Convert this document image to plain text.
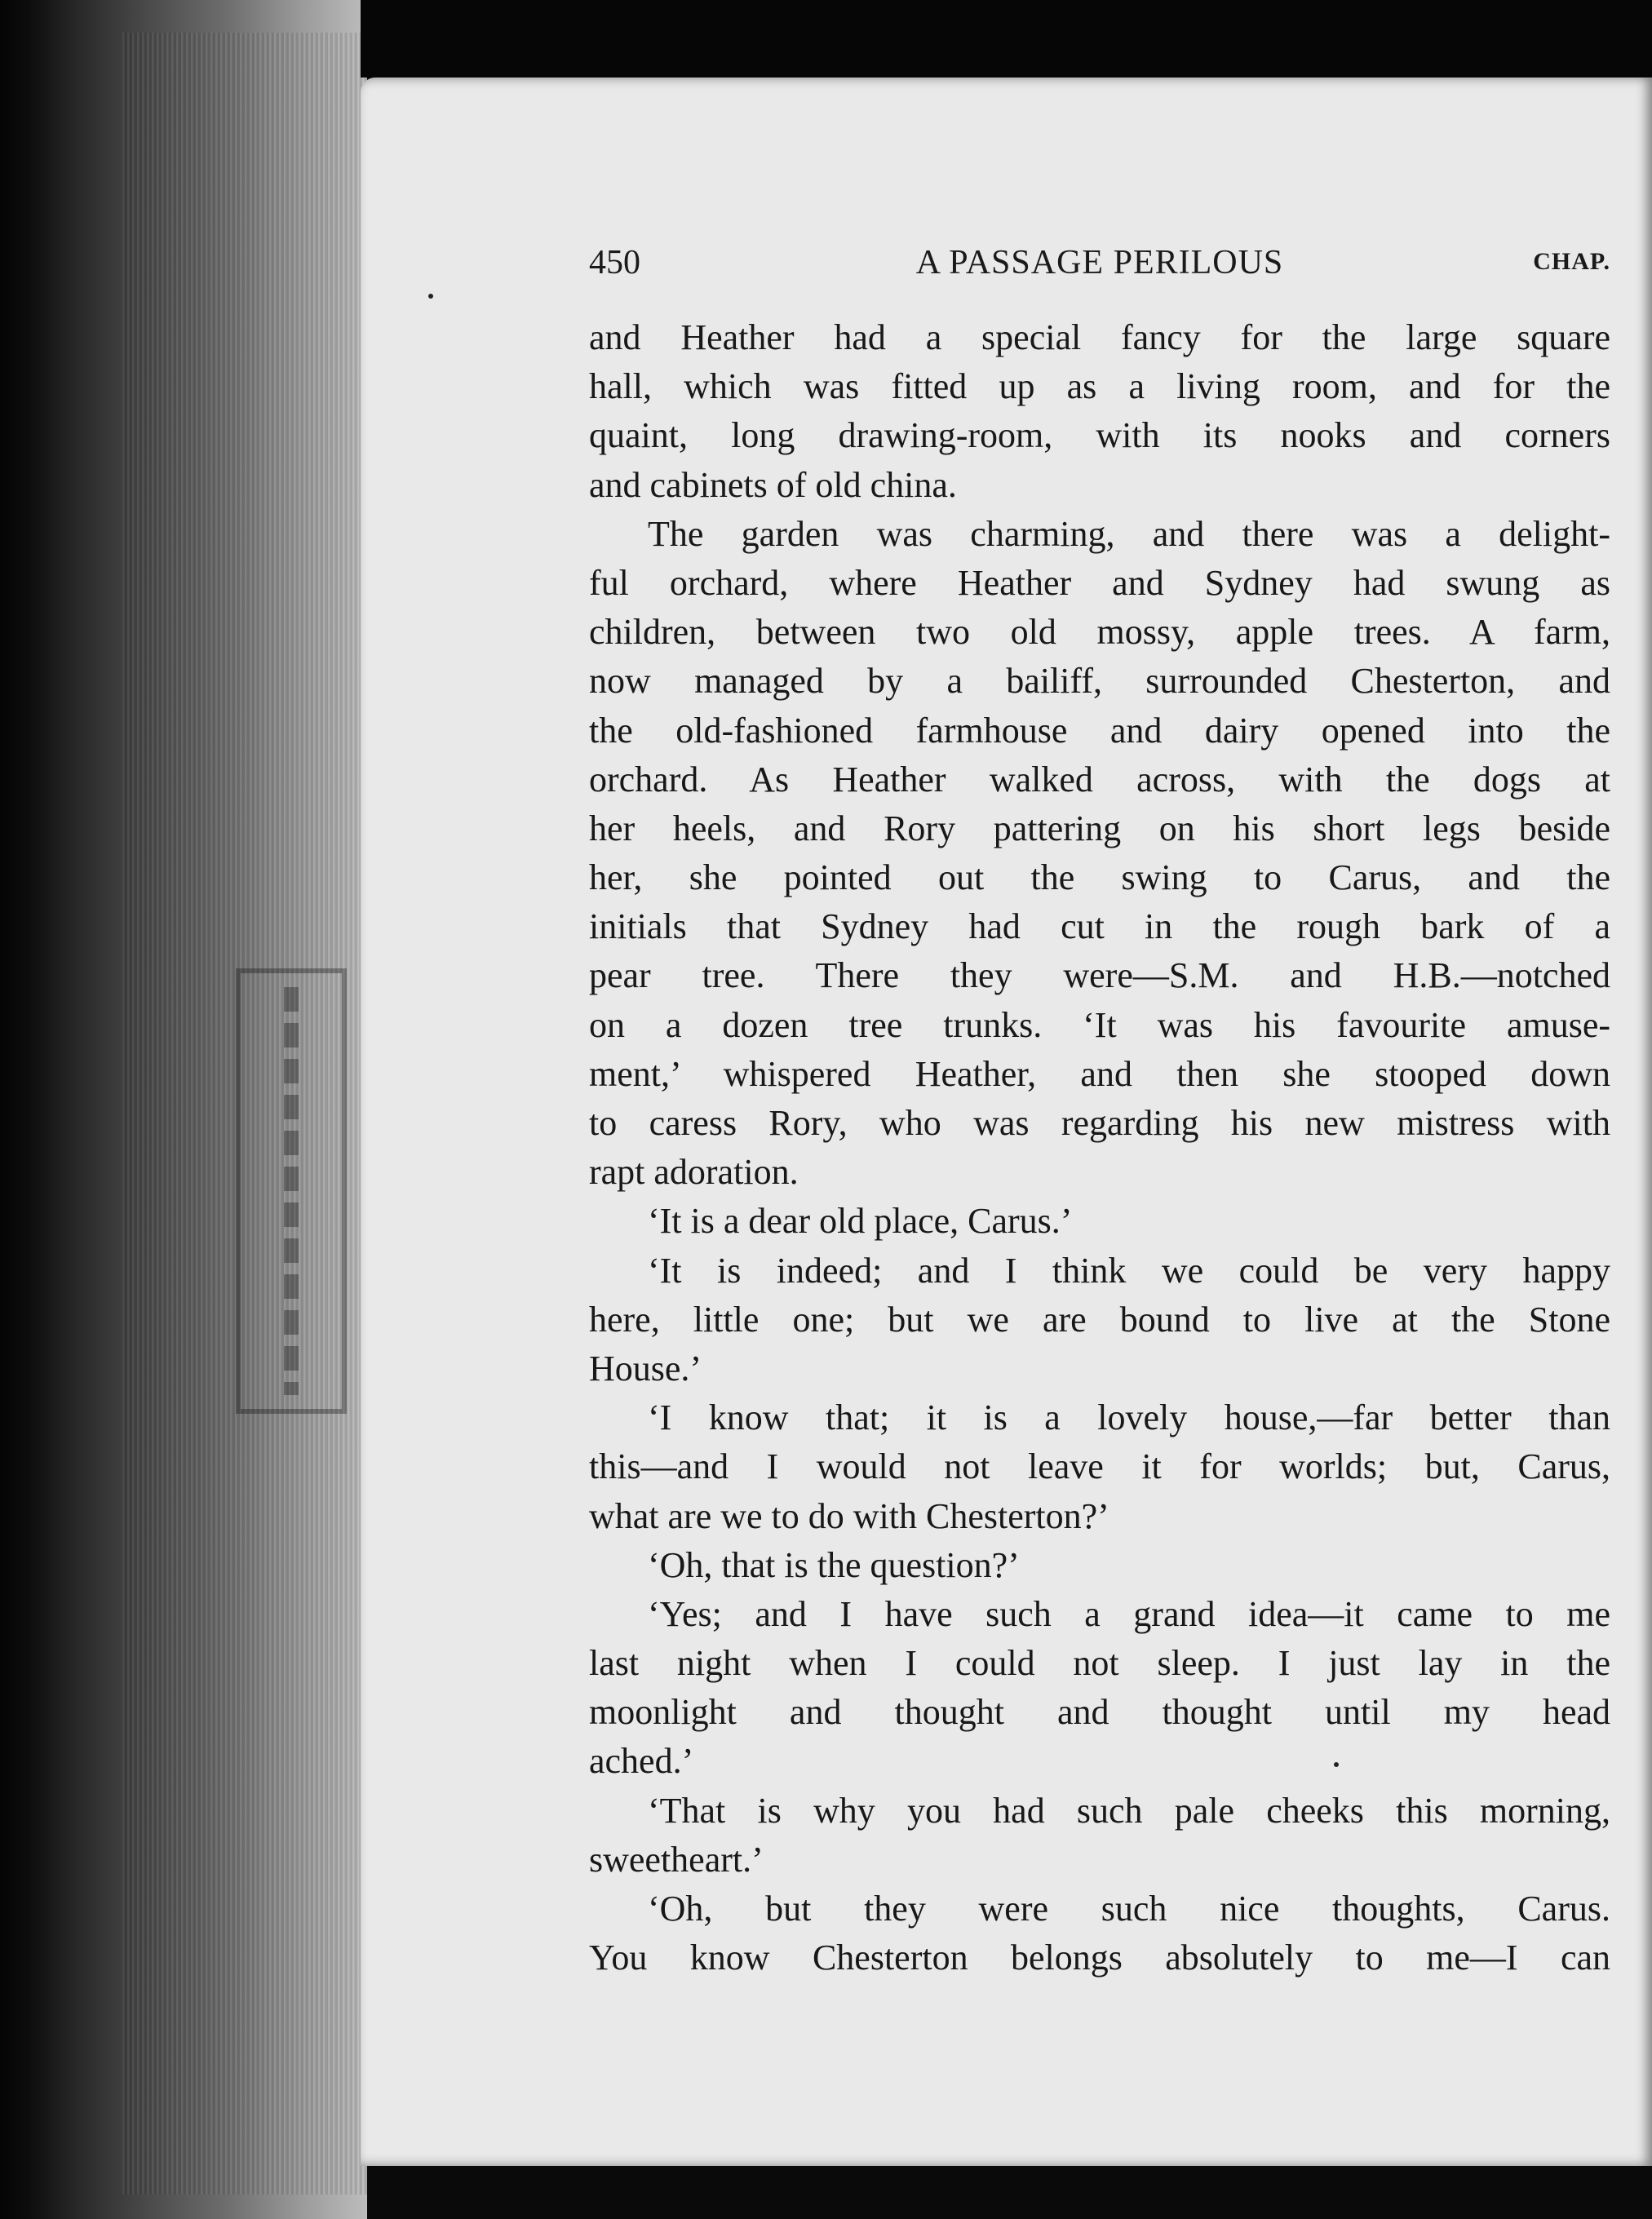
450	A PASSAGE PERILOUS	CHAP.
and Heather had a special fancy for the large square
hall, which was fitted up as a living room, and for the
quaint, long drawing-room, with its nooks and corners
and cabinets of old china.
The garden was charming, and there was a delight-
ful orchard, where Heather and Sydney had swung as
children, between two old mossy, apple trees. A farm,
now managed by a bailiff, surrounded Chesterton, and
the old-fashioned farmhouse and dairy opened into the
orchard. As Heather walked across, with the dogs at
her heels, and Rory pattering on his short legs beside
her, she pointed out the swing to Carus, and the
initials that Sydney had cut in the rough bark of a
pear tree. There they were—S.M. and H.B.—notched
on a dozen tree trunks. ‘It was his favourite amuse-
ment,’ whispered Heather, and then she stooped down
to caress Rory, who was regarding his new mistress with
rapt adoration.
‘It is a dear old place, Carus.’
‘It is indeed; and I think we could be very happy
here, little one; but we are bound to live at the Stone
House.’
‘I know that; it is a lovely house,—far better than
this—and I would not leave it for worlds; but, Carus,
what are we to do with Chesterton?’
‘Oh, that is the question?’
‘Yes; and I have such a grand idea—it came to me
last night when I could not sleep. I just lay in the
moonlight and thought and thought until my head
ached.’
‘That is why you had such pale cheeks this morning,
sweetheart.’
‘Oh, but they were such nice thoughts, Carus.
You know Chesterton belongs absolutely to me—I can
